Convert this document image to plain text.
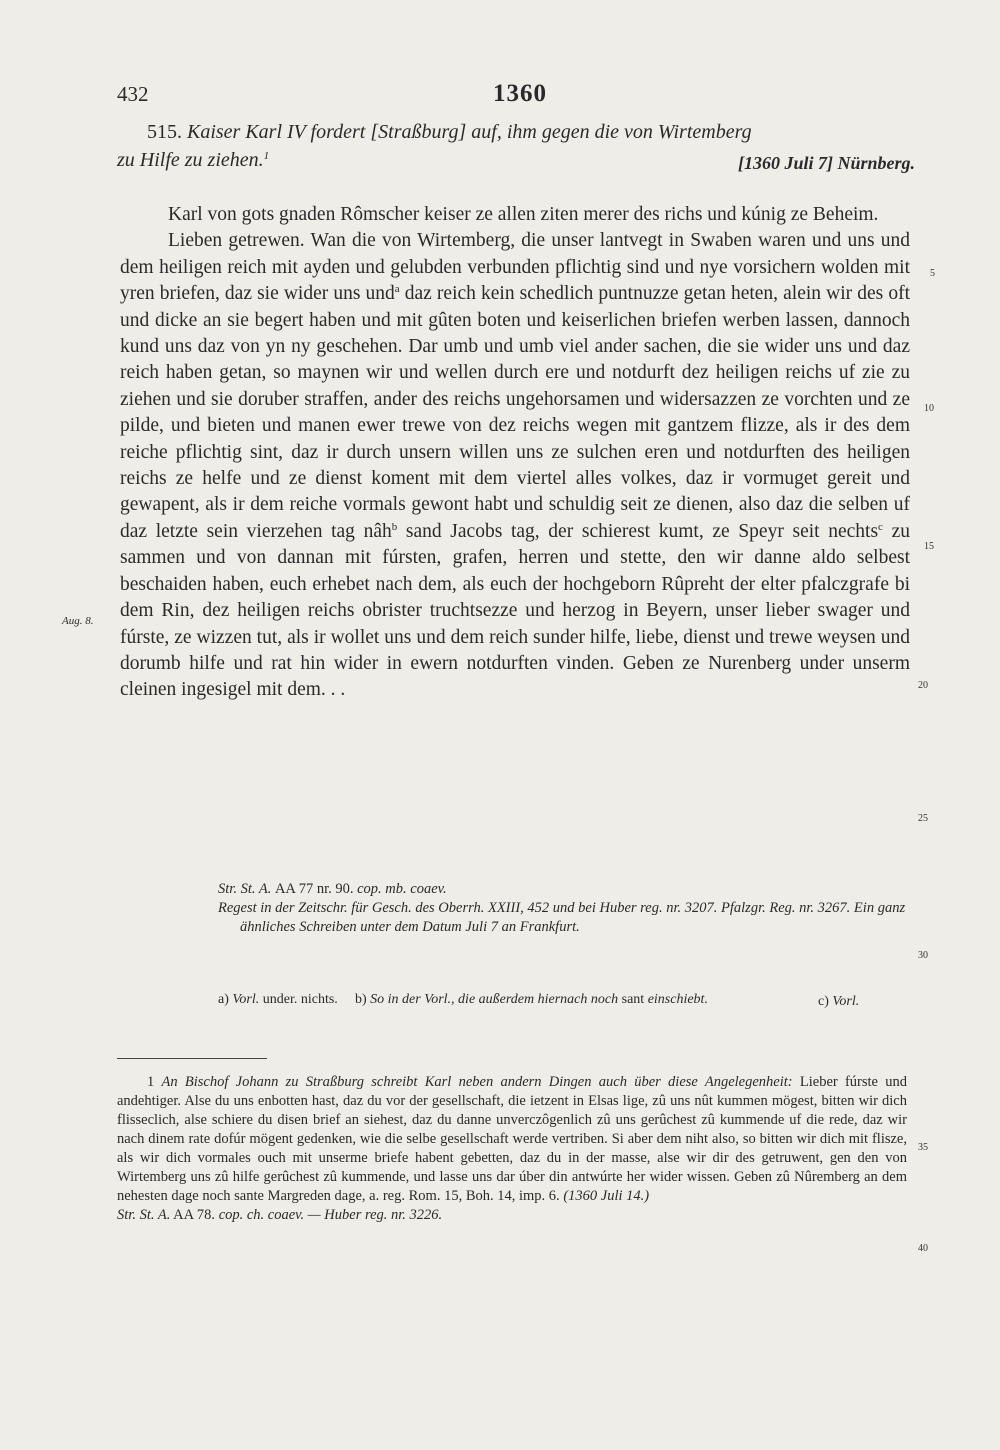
432	1360
515. Kaiser Karl IV fordert [Straßburg] auf, ihm gegen die von Wirtemberg
zu Hilfe zu ziehen.$^1$	[1360 Juli 7] Nürnberg.

Karl von gots gnaden Rômscher keiser ze allen ziten merer des richs und kúnig ze Beheim.

Lieben getrewen. Wan die von Wirtemberg, die unser lantvegt in Swaben waren und uns und dem heiligen reich mit ayden und gelubden verbunden pflichtig sind und nye vorsichern wolden mit yren briefen, daz sie wider uns und$^a$ daz reich kein schedlich puntnuzze getan heten, alein wir des oft und dicke an sie begert haben und mit gûten boten und keiserlichen briefen werben lassen, dannoch kund uns daz von yn ny geschehen. Dar umb und umb viel ander sachen, die sie wider uns und daz reich haben getan, so maynen wir und wellen durch ere und notdurft dez heiligen reichs uf zie zu ziehen und sie doruber straffen, ander des reichs ungehorsamen und widersazzen ze vorchten und ze pilde, und bieten und manen ewer trewe von dez reichs wegen mit gantzem flizze, als ir des dem reiche pflichtig sint, daz ir durch unsern willen uns ze sulchen eren und notdurften des heiligen reichs ze helfe und ze dienst koment mit dem viertel alles volkes, daz ir vormuget gereit und gewapent, als ir dem reiche vormals gewont habt und schuldig seit ze dienen, also daz die selben uf daz letzte sein vierzehen tag nâh$^b$ sand Jacobs tag, der schierest kumt, ze Speyr seit nechts$^c$ zu sammen und von dannan mit fúrsten, grafen, herren und stette, den wir danne aldo selbest beschaiden haben, euch erhebet nach dem, als euch der hochgeborn Rûpreht der elter pfalczgrafe bi dem Rin, dez heiligen reichs obrister truchtsezze und herzog in Beyern, unser lieber swager und fúrste, ze wizzen tut, als ir wollet uns und dem reich sunder hilfe, liebe, dienst und trewe weysen und dorumb hilfe und rat hin wider in ewern notdurften vinden. Geben ze Nurenberg under unserm cleinen ingesigel mit dem. . .

5
10
15
20
25
30
35
40
Aug. 8.

Str. St. A. AA 77 nr. 90. cop. mb. coaev.

Regest in der Zeitschr. für Gesch. des Oberrh. XXIII, 452 und bei Huber reg. nr. 3207. Pfalzgr. Reg. nr. 3267. Ein ganz ähnliches Schreiben unter dem Datum Juli 7 an Frankfurt.

a) Vorl. under. nichts. b) So in der Vorl., die außerdem hiernach noch sant einschiebt.	c) Vorl.

1 An Bischof Johann zu Straßburg schreibt Karl neben andern Dingen auch über diese Angelegenheit: Lieber fúrste und andehtiger. Alse du uns enbotten hast, daz du vor der gesellschaft, die ietzent in Elsas lige, zû uns nût kummen mögest, bitten wir dich flisseclich, alse schiere du disen brief an siehest, daz du danne unverczôgenlich zû uns gerûchest zû kummende uf die rede, daz wir nach dinem rate dofúr mögent gedenken, wie die selbe gesellschaft werde vertriben. Si aber dem niht also, so bitten wir dich mit flisze, als wir dich vormales ouch mit unserme briefe habent gebetten, daz du in der masse, alse wir dir des getruwent, gen den von Wirtemberg uns zû hilfe gerûchest zû kummende, und lasse uns dar úber din antwúrte her wider wissen. Geben zû Nûremberg an dem nehesten dage noch sante Margreden dage, a. reg. Rom. 15, Boh. 14, imp. 6. (1360 Juli 14.)

Str. St. A. AA 78. cop. ch. coaev. — Huber reg. nr. 3226.
